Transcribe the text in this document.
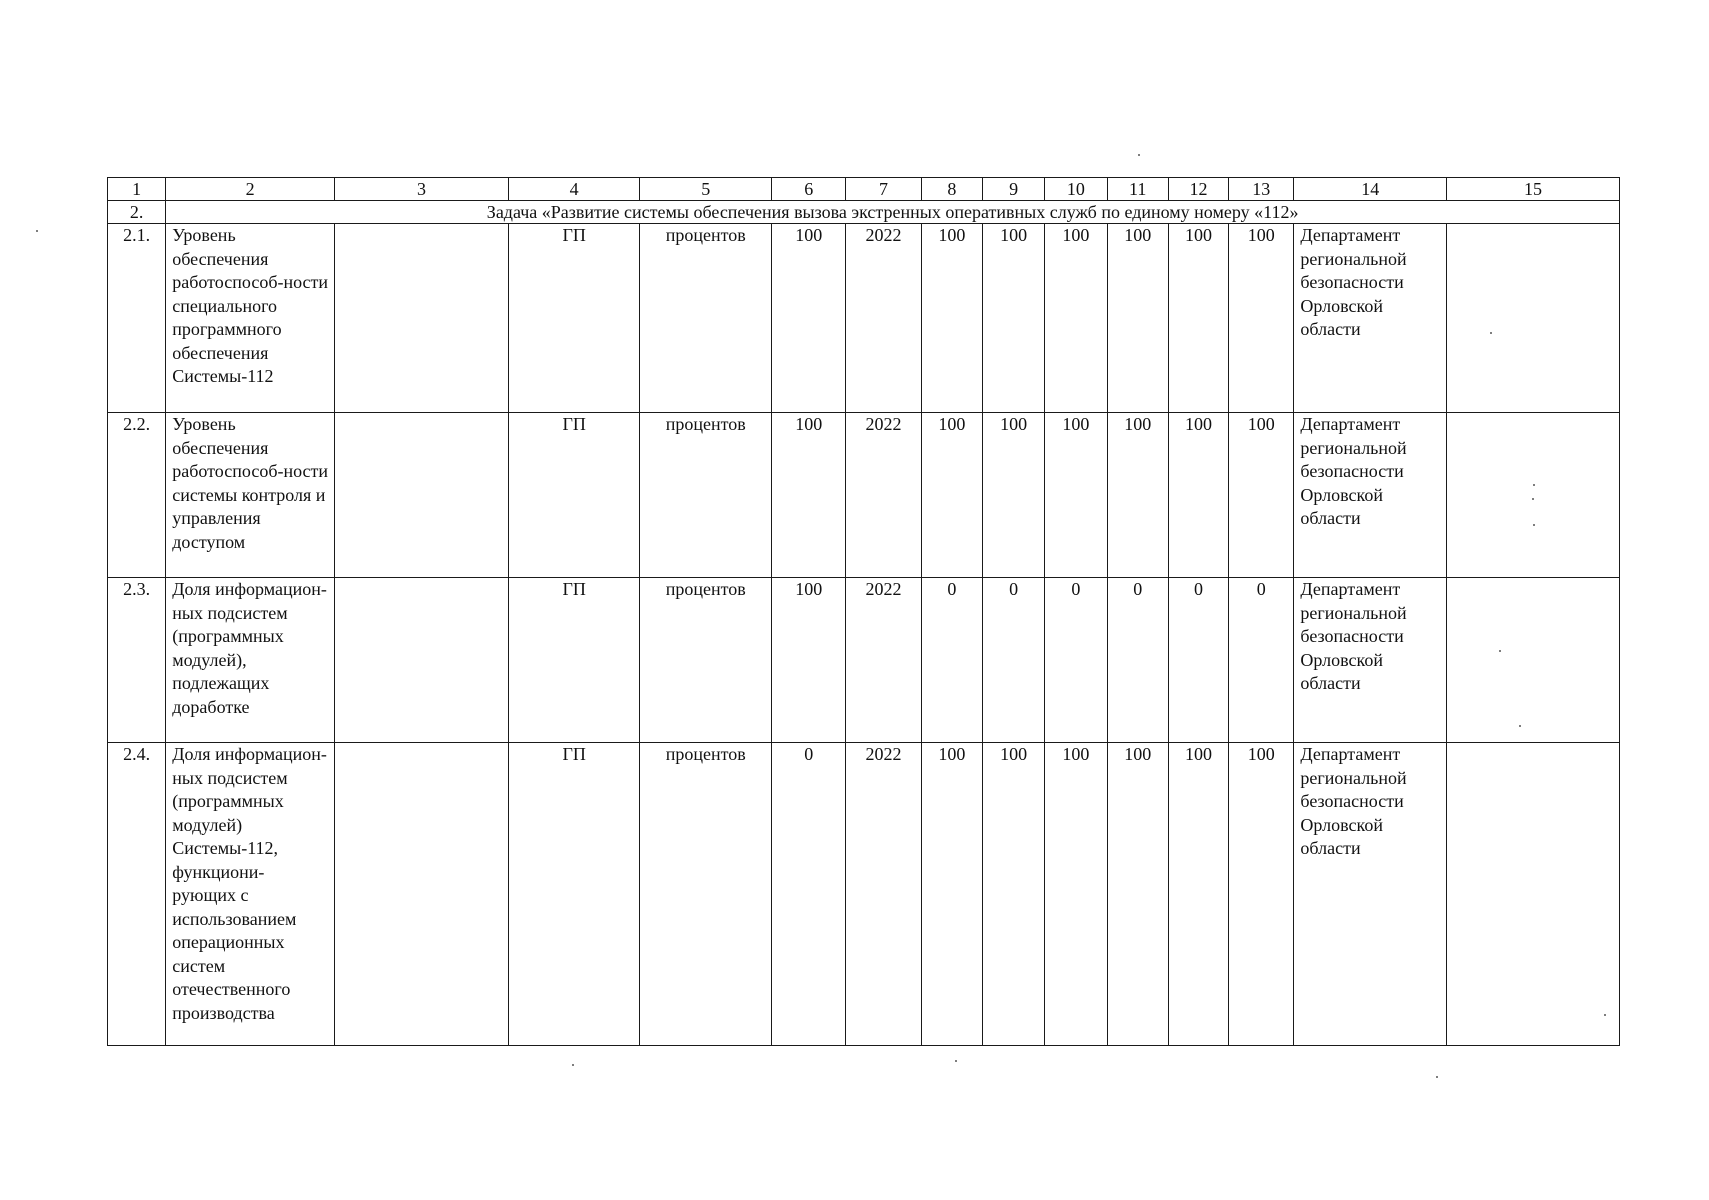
1	2	3	4	5	6	7	8	9	10	11	12	13	14	15
2.	Задача «Развитие системы обеспечения вызова экстренных оперативных служб по единому номеру «112»													
2.1.	Уровень обеспечения работоспособ-ности специального программного обеспечения Системы-112		ГП	процентов	100	2022	100	100	100	100	100	100	Департамент региональной безопасности Орловской области	
2.2.	Уровень обеспечения работоспособ-ности системы контроля и управления доступом		ГП	процентов	100	2022	100	100	100	100	100	100	Департамент региональной безопасности Орловской области	
2.3.	Доля информацион-ных подсистем (программных модулей), подлежащих доработке		ГП	процентов	100	2022	0	0	0	0	0	0	Департамент региональной безопасности Орловской области	
2.4.	Доля информацион-ных подсистем (программных модулей) Системы-112, функциони-рующих с использованием операционных систем отечественного производства		ГП	процентов	0	2022	100	100	100	100	100	100	Департамент региональной безопасности Орловской области	
